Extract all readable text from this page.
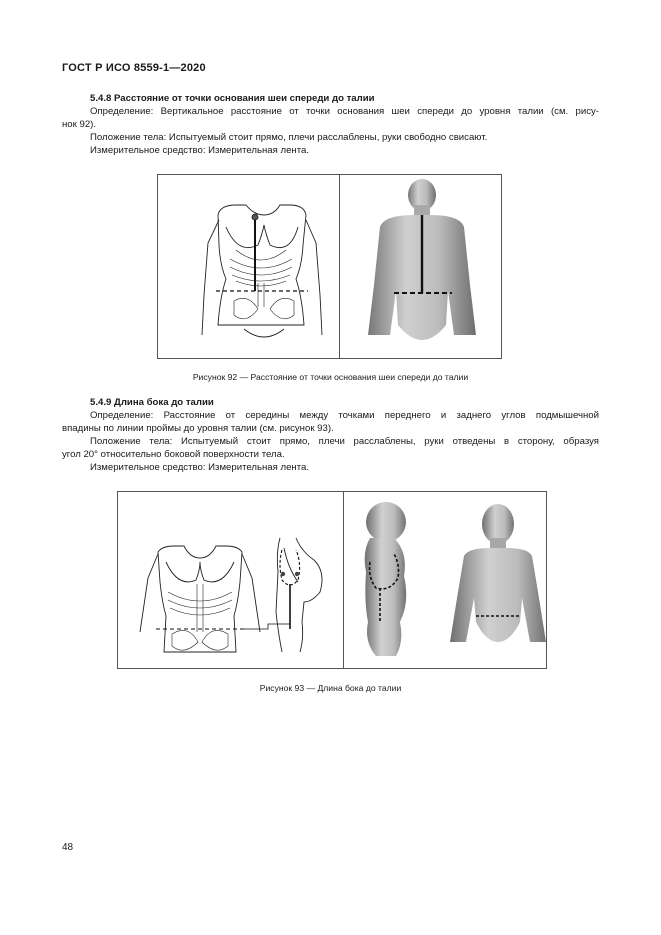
ГОСТ Р ИСО 8559-1—2020

5.4.8 Расстояние от точки основания шеи спереди до талии

Определение: Вертикальное расстояние от точки основания шеи спереди до уровня талии (см. рису-

нок 92).

Положение тела: Испытуемый стоит прямо, плечи расслаблены, руки свободно свисают.

Измерительное средство: Измерительная лента.

Рисунок 92 — Расстояние от точки основания шеи спереди до талии

5.4.9 Длина бока до талии

Определение: Расстояние от середины между точками переднего и заднего углов подмышечной

впадины по линии проймы до уровня талии (см. рисунок 93).

Положение тела: Испытуемый стоит прямо, плечи расслаблены, руки отведены в сторону, образуя

угол 20° относительно боковой поверхности тела.

Измерительное средство: Измерительная лента.

Рисунок 93 — Длина бока до талии
48
